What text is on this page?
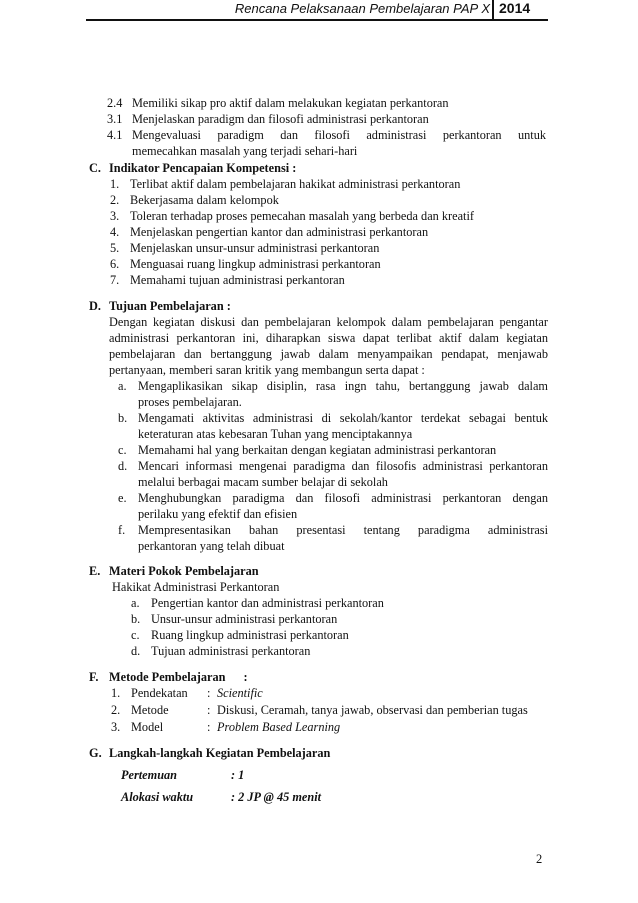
Rencana Pelaksanaan Pembelajaran PAP X 2014
2.4 Memiliki sikap pro aktif dalam melakukan kegiatan perkantoran
3.1 Menjelaskan paradigm dan filosofi administrasi perkantoran
4.1 Mengevaluasi paradigm dan filosofi administrasi perkantoran untuk
memecahkan masalah yang terjadi sehari-hari
C. Indikator Pencapaian Kompetensi :
1. Terlibat aktif dalam pembelajaran hakikat administrasi perkantoran
2. Bekerjasama dalam kelompok
3. Toleran terhadap proses pemecahan masalah yang berbeda dan kreatif
4. Menjelaskan pengertian kantor dan administrasi perkantoran
5. Menjelaskan unsur-unsur administrasi perkantoran
6. Menguasai ruang lingkup administrasi perkantoran
7. Memahami tujuan administrasi perkantoran
D. Tujuan Pembelajaran :
Dengan kegiatan diskusi dan pembelajaran kelompok dalam pembelajaran pengantar
administrasi perkantoran ini, diharapkan siswa dapat terlibat aktif dalam kegiatan
pembelajaran dan bertanggung jawab dalam menyampaikan pendapat, menjawab
pertanyaan, memberi saran kritik yang membangun serta dapat :
a. Mengaplikasikan sikap disiplin, rasa ingn tahu, bertanggung jawab dalam
proses pembelajaran.
b. Mengamati aktivitas administrasi di sekolah/kantor terdekat sebagai bentuk
keteraturan atas kebesaran Tuhan yang menciptakannya
c. Memahami hal yang berkaitan dengan kegiatan administrasi perkantoran
d. Mencari informasi mengenai paradigma dan filosofis administrasi perkantoran
melalui berbagai macam sumber belajar di sekolah
e. Menghubungkan paradigma dan filosofi administrasi perkantoran dengan
perilaku yang efektif dan efisien
f. Mempresentasikan bahan presentasi tentang paradigma administrasi
perkantoran yang telah dibuat
E. Materi Pokok Pembelajaran
Hakikat Administrasi Perkantoran
a. Pengertian kantor dan administrasi perkantoran
b. Unsur-unsur administrasi perkantoran
c. Ruang lingkup administrasi perkantoran
d. Tujuan administrasi perkantoran
F. Metode Pembelajaran :
1. Pendekatan : Scientific
2. Metode	: Diskusi, Ceramah, tanya jawab, observasi dan pemberian tugas
3. Model	: Problem Based Learning
G. Langkah-langkah Kegiatan Pembelajaran
Pertemuan	: 1
Alokasi waktu	: 2 JP @ 45 menit
2
